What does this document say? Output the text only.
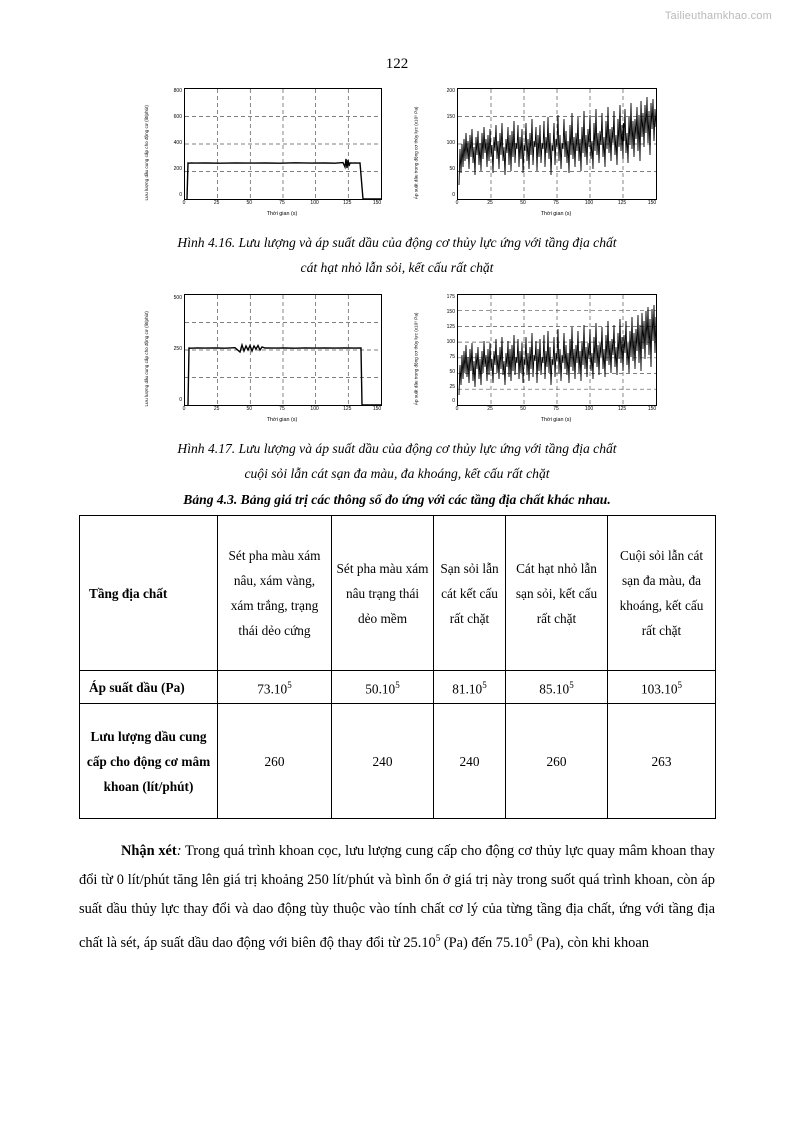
Tailieuthamkhao.com
122
Lưu lượng dầu cung cấp cho động cơ (lít/phút)
800
600
400
200
0
0	25	50	75	100	125	150
Thời gian (s)
Áp suất dầu trong động cơ thủy lực (x10⁵ Pa)
200
150
100
50
0
0	25	50	75	100	125	150
Thời gian (s)
Hình 4.16. Lưu lượng và áp suất dầu của động cơ thủy lực ứng với tầng địa chất
cát hạt nhỏ lẫn sỏi, kết cấu rất chặt
Lưu lượng dầu cung cấp cho động cơ (lít/phút)
500
250
0
0	25	50	75	100	125	150
Thời gian (s)
Áp suất dầu trong động cơ thủy lực (x10⁵ Pa)
175
150
125
100
75
50
25
0
0	25	50	75	100	125	150
Thời gian (s)
Hình 4.17. Lưu lượng và áp suất dầu của động cơ thủy lực ứng với tầng địa chất
cuội sỏi lẫn cát sạn đa màu, đa khoáng, kết cấu rất chặt
Bảng 4.3. Bảng giá trị các thông số đo ứng với các tầng địa chất khác nhau.
Tầng địa chất	Sét pha màu xám nâu, xám vàng, xám trắng, trạng thái dẻo cứng	Sét pha màu xám nâu trạng thái dẻo mềm	Sạn sỏi lẫn cát kết cấu rất chặt	Cát hạt nhỏ lẫn sạn sỏi, kết cấu rất chặt	Cuội sỏi lẫn cát sạn đa màu, đa khoáng, kết cấu rất chặt
Áp suất dầu (Pa)	73.10$^5$	50.10$^5$	81.10$^5$	85.10$^5$	103.10$^5$
Lưu lượng dầu cung cấp cho động cơ mâm khoan (lít/phút)	260	240	240	260	263

Nhận xét: Trong quá trình khoan cọc, lưu lượng cung cấp cho động cơ thủy lực quay mâm khoan thay đổi từ 0 lít/phút tăng lên giá trị khoảng 250 lít/phút và bình ổn ở giá trị này trong suốt quá trình khoan, còn áp suất dầu thủy lực thay đổi và dao động tùy thuộc vào tính chất cơ lý của từng tầng địa chất, ứng với tầng địa chất là sét, áp suất dầu dao động với biên độ thay đổi từ 25.10$^5$ (Pa) đến 75.10$^5$ (Pa), còn khi khoan
